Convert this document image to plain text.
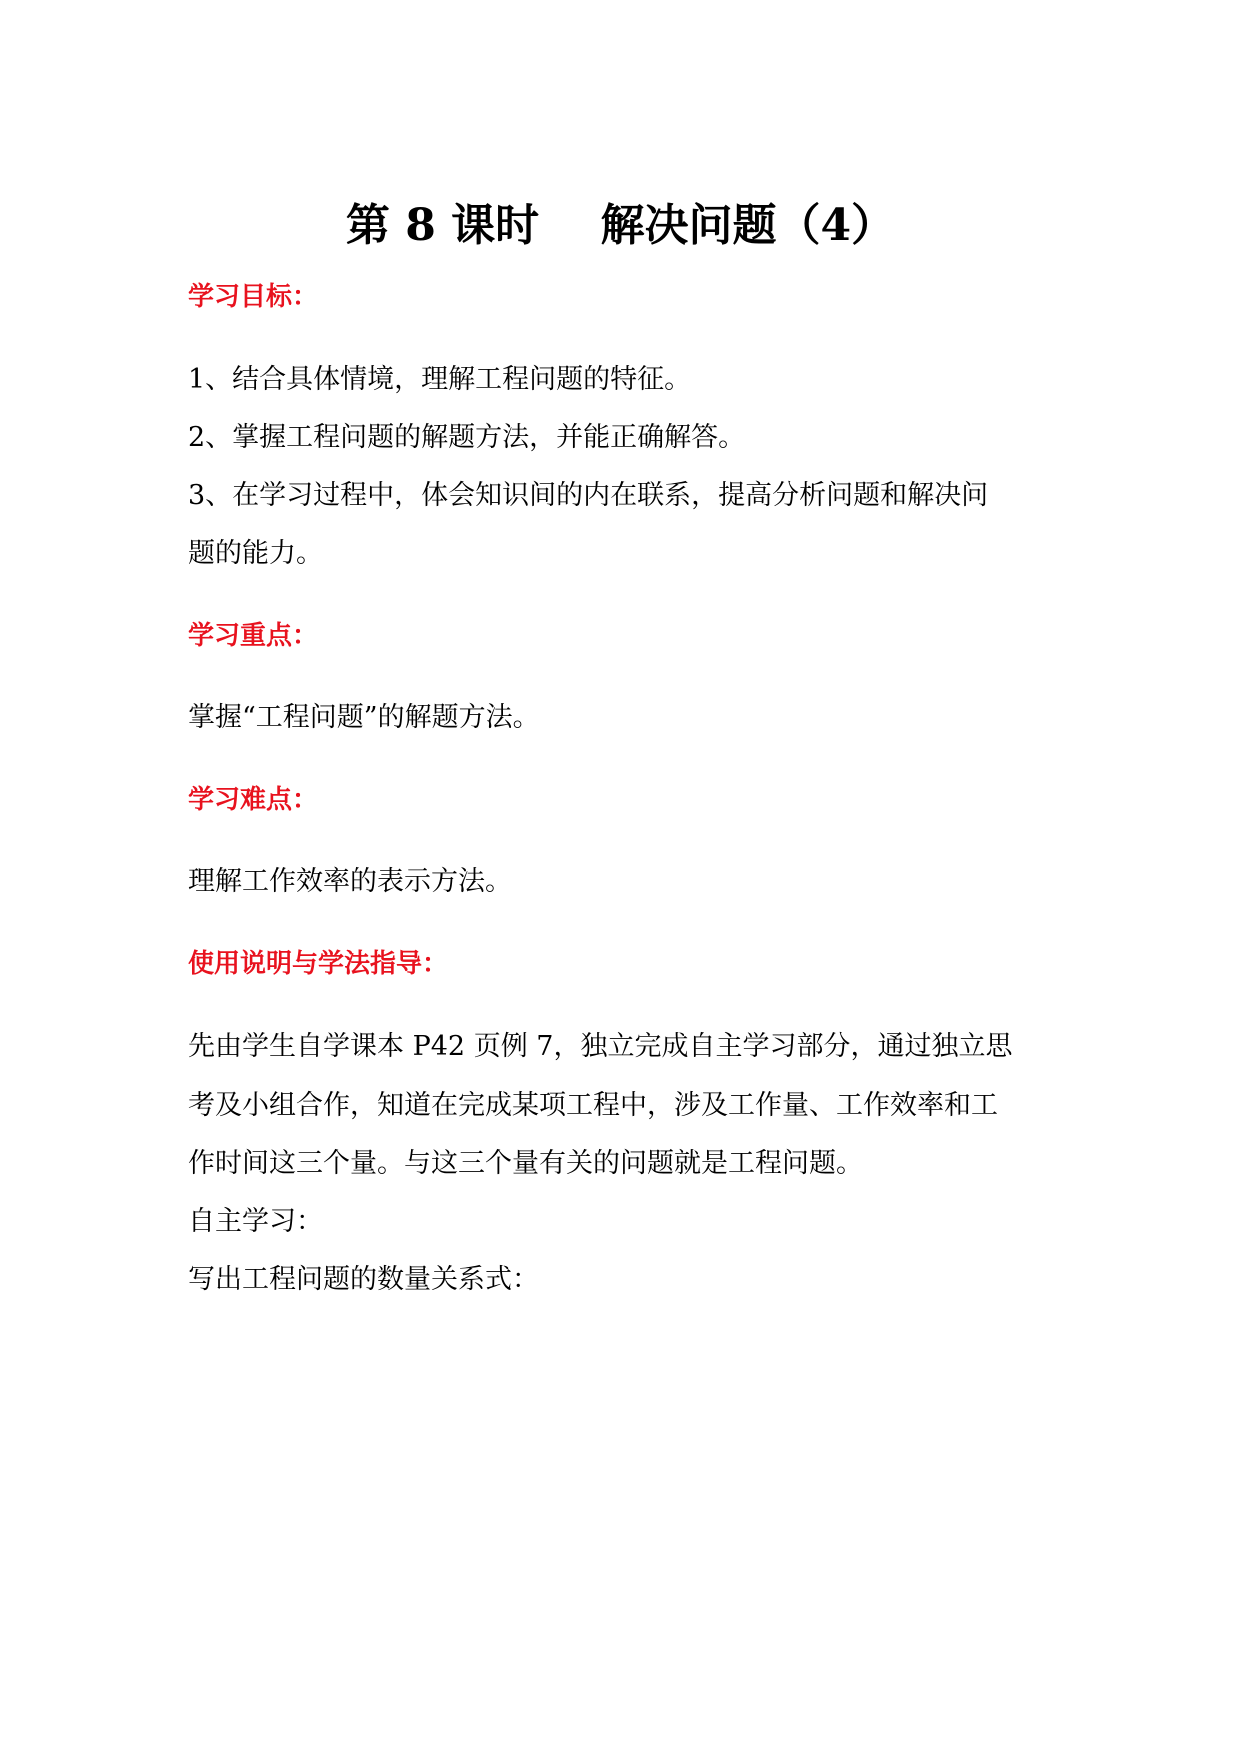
第 8 课时    解决问题（4）
学习目标：
1、结合具体情境，理解工程问题的特征。
2、掌握工程问题的解题方法，并能正确解答。
3、在学习过程中，体会知识间的内在联系，提高分析问题和解决问
题的能力。
学习重点：
掌握“工程问题”的解题方法。
学习难点：
理解工作效率的表示方法。
使用说明与学法指导：
先由学生自学课本 P42 页例 7，独立完成自主学习部分，通过独立思
考及小组合作，知道在完成某项工程中，涉及工作量、工作效率和工
作时间这三个量。与这三个量有关的问题就是工程问题。
自主学习：
写出工程问题的数量关系式：
